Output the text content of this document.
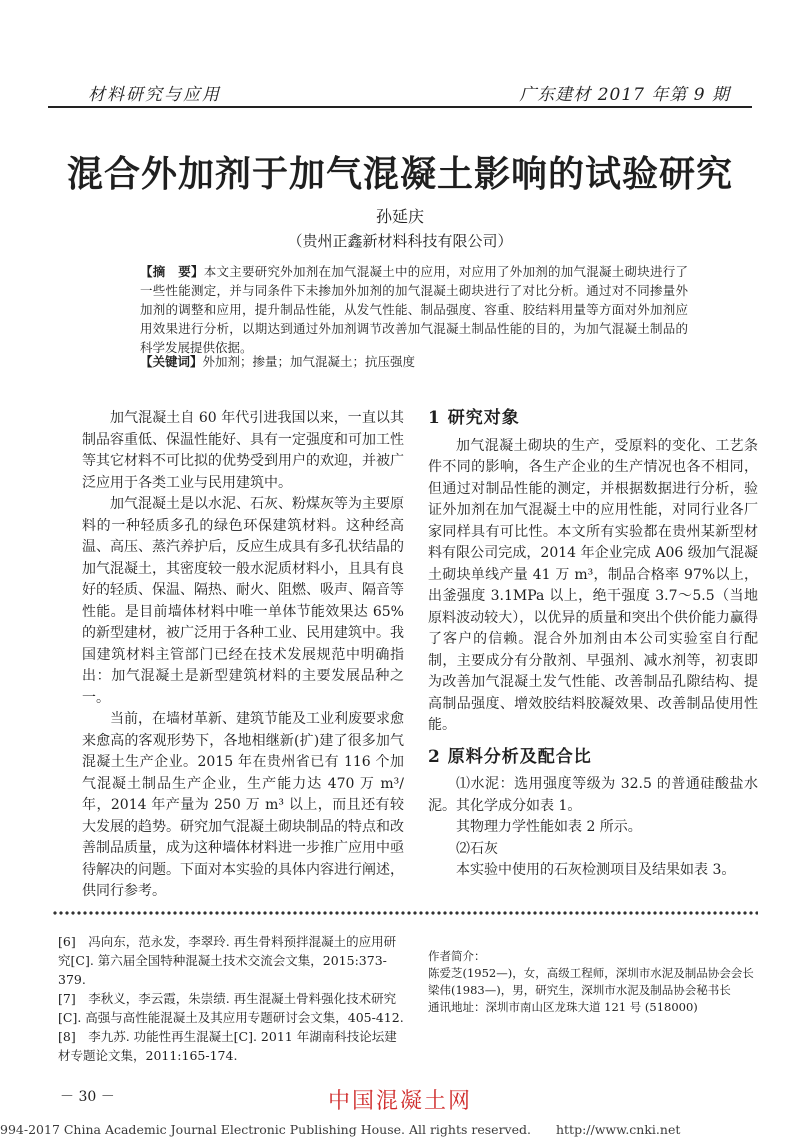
材料研究与应用	广东建材 2017 年第 9 期
混合外加剂于加气混凝土影响的试验研究
孙延庆
（贵州正鑫新材料科技有限公司）
【摘　要】本文主要研究外加剂在加气混凝土中的应用，对应用了外加剂的加气混凝土砌块进行了一些性能测定，并与同条件下未掺加外加剂的加气混凝土砌块进行了对比分析。通过对不同掺量外加剂的调整和应用，提升制品性能，从发气性能、制品强度、容重、胶结料用量等方面对外加剂应用效果进行分析，以期达到通过外加剂调节改善加气混凝土制品性能的目的，为加气混凝土制品的科学发展提供依据。
【关键词】外加剂；掺量；加气混凝土；抗压强度

加气混凝土自 60 年代引进我国以来，一直以其制品容重低、保温性能好、具有一定强度和可加工性等其它材料不可比拟的优势受到用户的欢迎，并被广泛应用于各类工业与民用建筑中。

加气混凝土是以水泥、石灰、粉煤灰等为主要原料的一种轻质多孔的绿色环保建筑材料。这种经高温、高压、蒸汽养护后，反应生成具有多孔状结晶的加气混凝土，其密度较一般水泥质材料小，且具有良好的轻质、保温、隔热、耐火、阻燃、吸声、隔音等性能。是目前墙体材料中唯一单体节能效果达 65%的新型建材，被广泛用于各种工业、民用建筑中。我国建筑材料主管部门已经在技术发展规范中明确指出：加气混凝土是新型建筑材料的主要发展品种之一。

当前，在墙材革新、建筑节能及工业利废要求愈来愈高的客观形势下，各地相继新(扩)建了很多加气混凝土生产企业。2015 年在贵州省已有 116 个加气混凝土制品生产企业，生产能力达 470 万 m³/ 年，2014 年产量为 250 万 m³ 以上，而且还有较大发展的趋势。研究加气混凝土砌块制品的特点和改善制品质量，成为这种墙体材料进一步推广应用中亟待解决的问题。下面对本实验的具体内容进行阐述，供同行参考。

1 研究对象

加气混凝土砌块的生产，受原料的变化、工艺条件不同的影响，各生产企业的生产情况也各不相同，但通过对制品性能的测定，并根据数据进行分析，验证外加剂在加气混凝土中的应用性能，对同行业各厂家同样具有可比性。本文所有实验都在贵州某新型材料有限公司完成，2014 年企业完成 A06 级加气混凝土砌块单线产量 41 万 m³，制品合格率 97%以上，出釜强度 3.1MPa 以上，绝干强度 3.7～5.5（当地原料波动较大），以优异的质量和突出个供价能力赢得了客户的信赖。混合外加剂由本公司实验室自行配制，主要成分有分散剂、早强剂、减水剂等，初衷即为改善加气混凝土发气性能、改善制品孔隙结构、提高制品强度、增效胶结料胶凝效果、改善制品使用性能。

2 原料分析及配合比

⑴水泥：选用强度等级为 32.5 的普通硅酸盐水泥。其化学成分如表 1。

其物理力学性能如表 2 所示。

⑵石灰

本实验中使用的石灰检测项目及结果如表 3。

[6]　冯向东，范永发，李翠玲. 再生骨料预拌混凝土的应用研究[C]. 第六届全国特种混凝土技术交流会文集，2015:373-379.

[7]　李秋义，李云霞，朱崇绩. 再生混凝土骨料强化技术研究[C]. 高强与高性能混凝土及其应用专题研讨会文集，405-412.

[8]　李九苏. 功能性再生混凝土[C]. 2011 年湖南科技论坛建材专题论文集，2011:165-174.

作者简介：

陈爱芝(1952—)，女，高级工程师，深圳市水泥及制品协会会长

梁伟(1983—)，男，研究生，深圳市水泥及制品协会秘书长

通讯地址：深圳市南山区龙珠大道 121 号 (518000)

－ 30 －	中国混凝土网
994-2017 China Academic Journal Electronic Publishing House. All rights reserved.　　http://www.cnki.net
